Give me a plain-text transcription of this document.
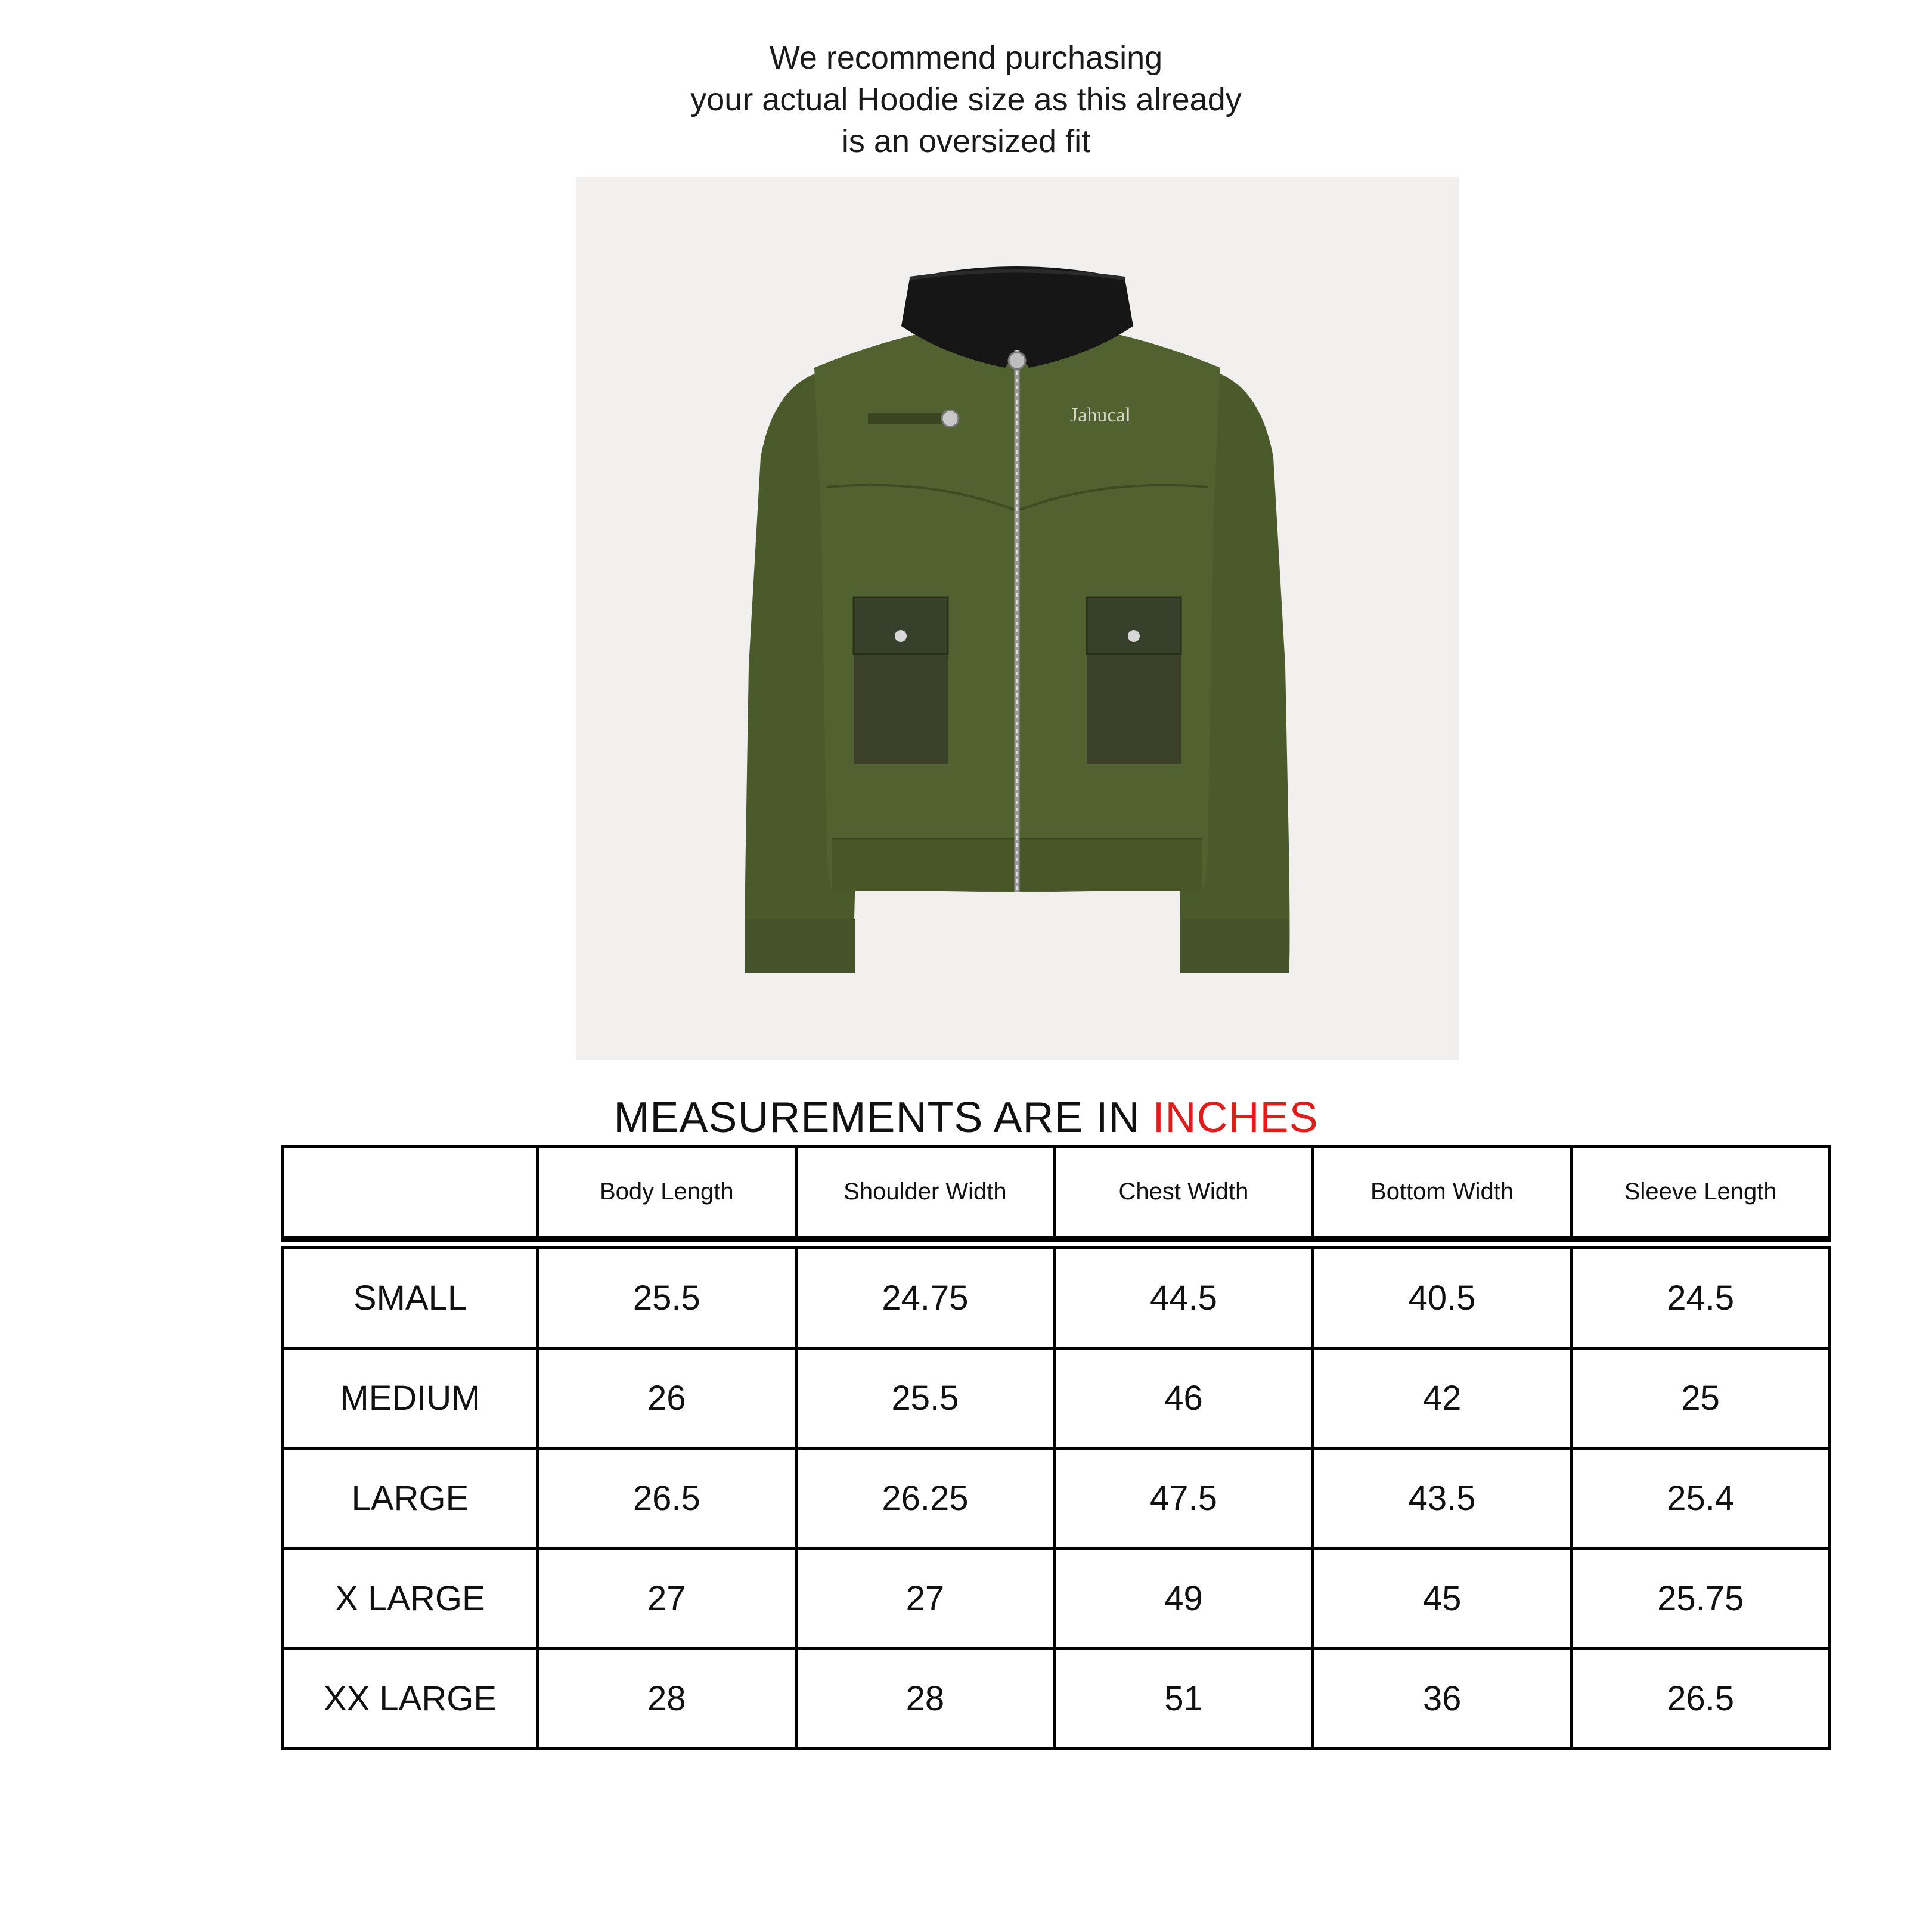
We recommend purchasing
your actual Hoodie size as this already
is an oversized fit
Jahucal
MEASUREMENTS ARE IN INCHES
	Body Length	Shoulder Width	Chest Width	Bottom Width	Sleeve Length

SMALL	25.5	24.75	44.5	40.5	24.5
MEDIUM	26	25.5	46	42	25
LARGE	26.5	26.25	47.5	43.5	25.4
X LARGE	27	27	49	45	25.75
XX LARGE	28	28	51	36	26.5
